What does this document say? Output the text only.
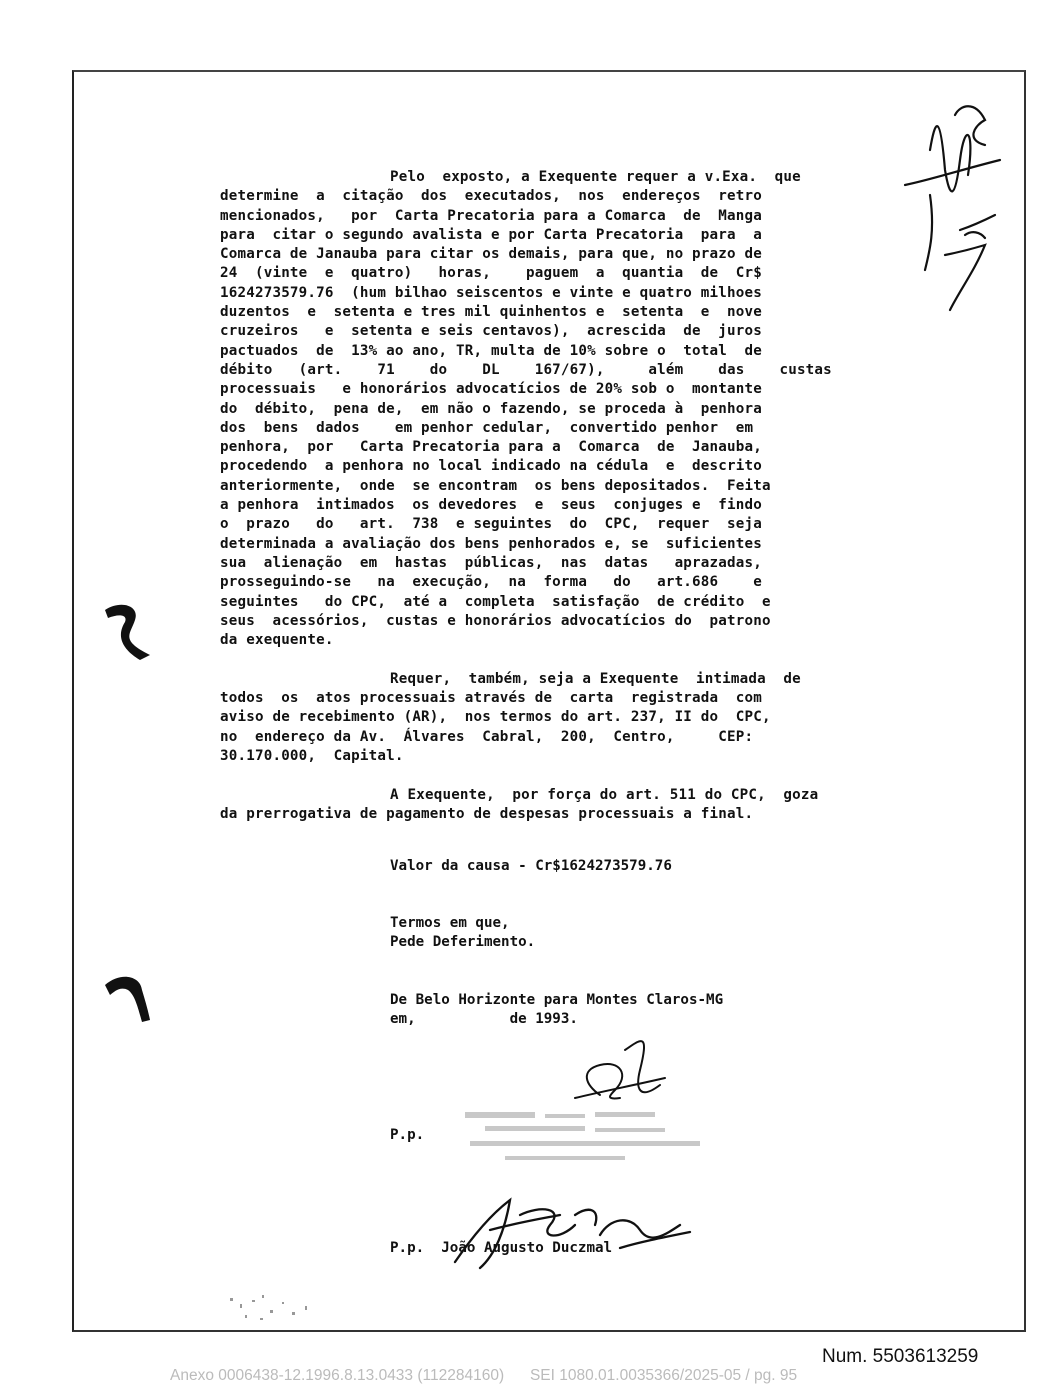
Pelo  exposto, a Exequente requer a v.Exa.  que
determine  a  citação  dos  executados,  nos  endereços  retro
mencionados,   por  Carta Precatoria para a Comarca  de  Manga
para  citar o segundo avalista e por Carta Precatoria  para  a
Comarca de Janauba para citar os demais, para que, no prazo de
24  (vinte  e  quatro)   horas,    paguem  a  quantia  de  Cr$
1624273579.76  (hum bilhao seiscentos e vinte e quatro milhoes
duzentos  e  setenta e tres mil quinhentos e  setenta  e  nove
cruzeiros   e  setenta e seis centavos),  acrescida  de  juros
pactuados  de  13% ao ano, TR, multa de 10% sobre o  total  de
débito   (art.    71    do    DL    167/67),     além    das    custas
processuais   e honorários advocatícios de 20% sob o  montante
do  débito,  pena de,  em não o fazendo, se proceda à  penhora
dos  bens  dados    em penhor cedular,  convertido penhor  em
penhora,  por   Carta Precatoria para a  Comarca  de  Janauba,
procedendo  a penhora no local indicado na cédula  e  descrito
anteriormente,  onde  se encontram  os bens depositados.  Feita
a penhora  intimados  os devedores  e  seus  conjuges e  findo
o  prazo   do   art.  738  e seguintes  do  CPC,  requer  seja
determinada a avaliação dos bens penhorados e, se  suficientes
sua  alienação  em  hastas  públicas,  nas  datas   aprazadas,
prosseguindo-se   na  execução,  na  forma   do   art.686    e
seguintes   do CPC,  até a  completa  satisfação  de crédito  e
seus  acessórios,  custas e honorários advocatícios do  patrono
da exequente.
Requer,  também, seja a Exequente  intimada  de
todos  os  atos processuais através de  carta  registrada  com
aviso de recebimento (AR),  nos termos do art. 237, II do  CPC,
no  endereço da Av.  Álvares  Cabral,  200,  Centro,     CEP:
30.170.000,  Capital.
A Exequente,  por força do art. 511 do CPC,  goza
da prerrogativa de pagamento de despesas processuais a final.
Valor da causa - Cr$1624273579.76
Termos em que,
Pede Deferimento.
De Belo Horizonte para Montes Claros-MG
em,           de 1993.
P.p.
P.p.  João Augusto Duczmal
Num. 5503613259
Anexo 0006438-12.1996.8.13.0433 (112284160)      SEI 1080.01.0035366/2025-05 / pg. 95
